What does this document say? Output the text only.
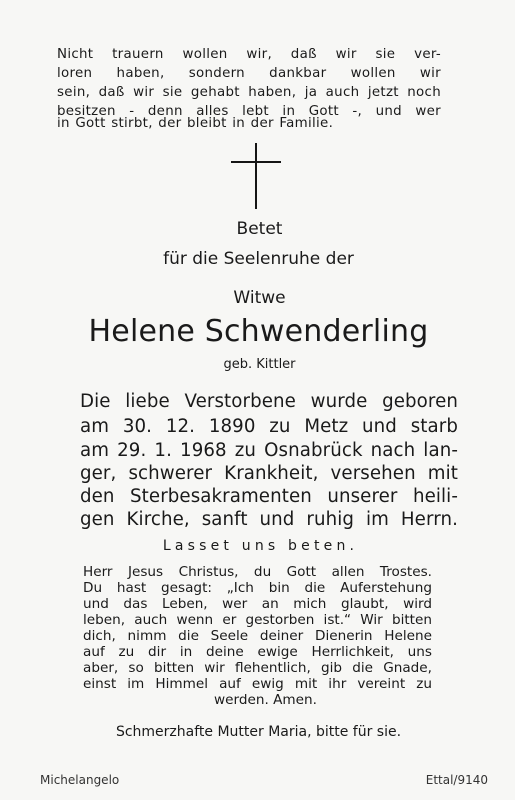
Nicht trauern wollen wir, daß wir sie ver-
loren haben, sondern dankbar wollen wir
sein, daß wir sie gehabt haben, ja auch jetzt noch
besitzen - denn alles lebt in Gott -, und wer
in Gott stirbt, der bleibt in der Familie.
Betet
für die Seelenruhe der
Witwe
Helene Schwenderling
geb. Kittler
Die liebe Verstorbene wurde geboren
am 30. 12. 1890 zu Metz und starb
am 29. 1. 1968 zu Osnabrück nach lan-
ger, schwerer Krankheit, versehen mit
den Sterbesakramenten unserer heili-
gen Kirche, sanft und ruhig im Herrn.
Lasset uns beten.
Herr Jesus Christus, du Gott allen Trostes.
Du hast gesagt: „Ich bin die Auferstehung
und das Leben, wer an mich glaubt, wird
leben, auch wenn er gestorben ist.“ Wir bitten
dich, nimm die Seele deiner Dienerin Helene
auf zu dir in deine ewige Herrlichkeit, uns
aber, so bitten wir flehentlich, gib die Gnade,
einst im Himmel auf ewig mit ihr vereint zu
werden. Amen.
Schmerzhafte Mutter Maria, bitte für sie.
Michelangelo	Ettal/9140
